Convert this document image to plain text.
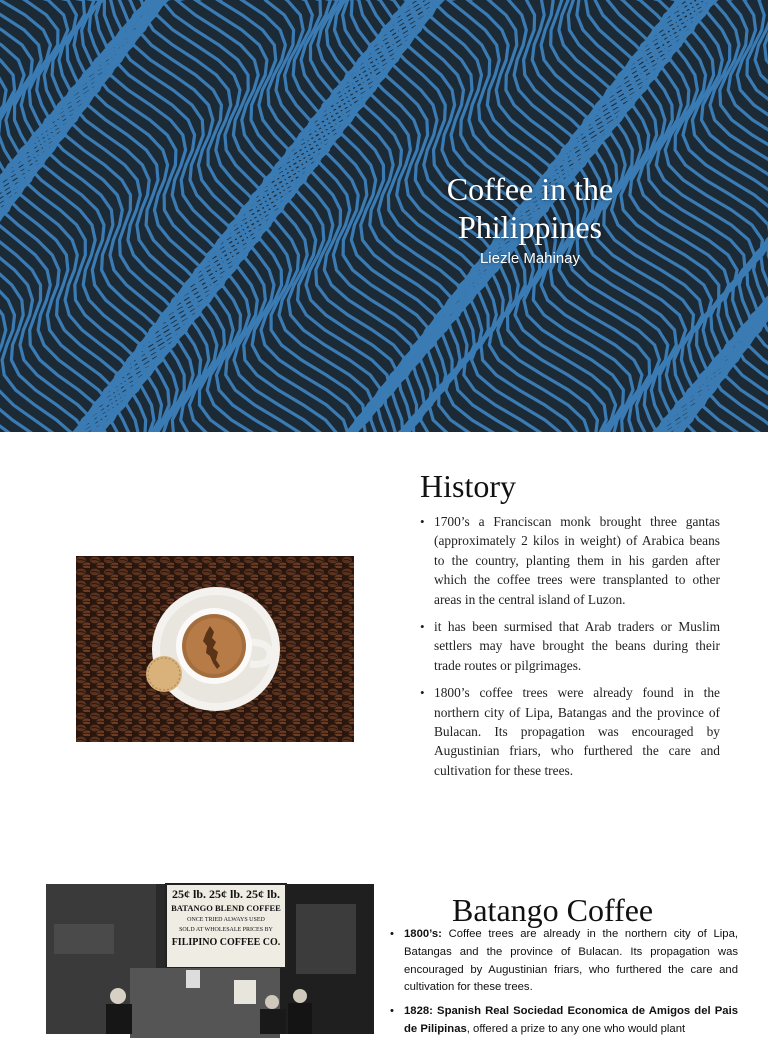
Coffee in the
Philippines
Liezle Mahinay
History
• 1700’s a Franciscan monk brought three gantas (approximately 2 kilos in weight) of Arabica beans to the country, planting them in his garden after which the coffee trees were transplanted to other areas in the central island of Luzon.
• it has been surmised that Arab traders or Muslim settlers may have brought the beans during their trade routes or pilgrimages.
• 1800’s coffee trees were already found in the northern city of Lipa, Batangas and the province of Bulacan. Its propagation was encouraged by Augustinian friars, who furthered the care and cultivation for these trees.
25¢ lb. 25¢ lb. 25¢ lb.
BATANGO BLEND COFFEE
ONCE TRIED ALWAYS USED
SOLD AT WHOLESALE PRICES BY
FILIPINO COFFEE CO.
Batango Coffee
• 1800’s: Coffee trees are already in the northern city of Lipa, Batangas and the province of Bulacan. Its propagation was encouraged by Augustinian friars, who furthered the care and cultivation for these trees.
• 1828: Spanish Real Sociedad Economica de Amigos del Pais de Pilipinas, offered a prize to any one who would plant
